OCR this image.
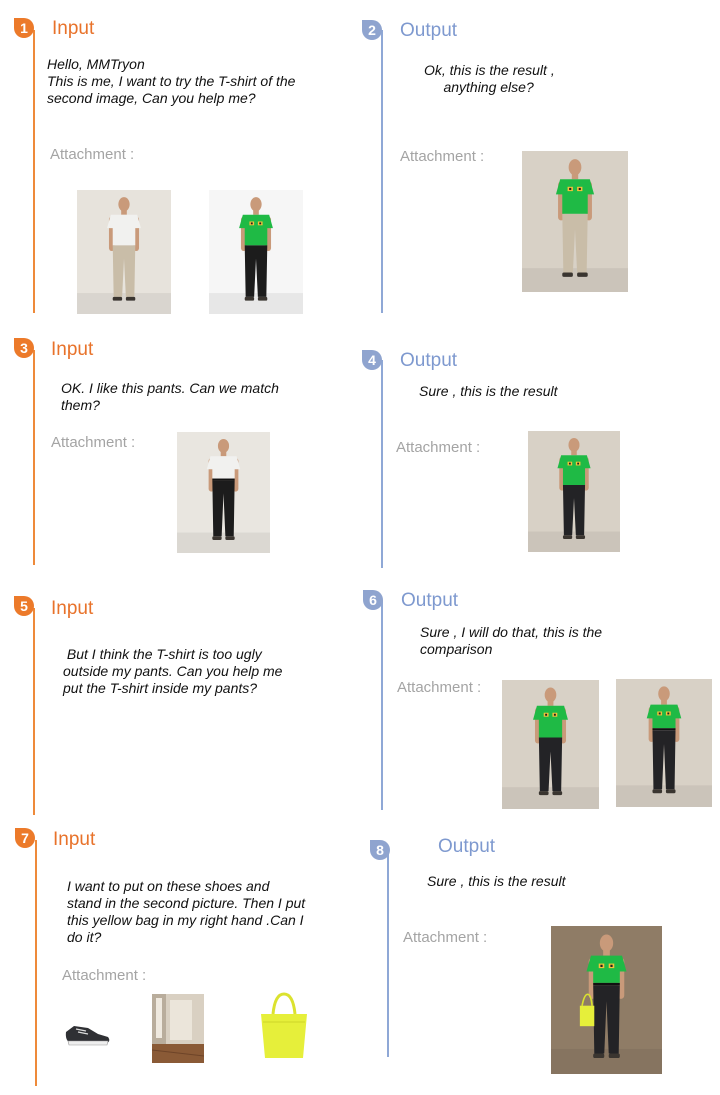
1	Input
Hello, MMTryon
This is me, I want to try the T-shirt of the second image, Can you help me?
Attachment :
2	Output
Ok, this is the result ,
anything else?
Attachment :
3	Input
OK. I like this pants. Can we match them?
Attachment :
4	Output
Sure , this is the result
Attachment :
5	Input
But I think the T-shirt is too ugly outside my pants. Can you help me put the T-shirt inside my pants?
6	Output
Sure , I will do that, this is the comparison
Attachment :
7	Input
I want to put on these shoes and stand in the second picture. Then I put this yellow bag in my right hand .Can I do it?
Attachment :
8	Output
Sure , this is the result
Attachment :
